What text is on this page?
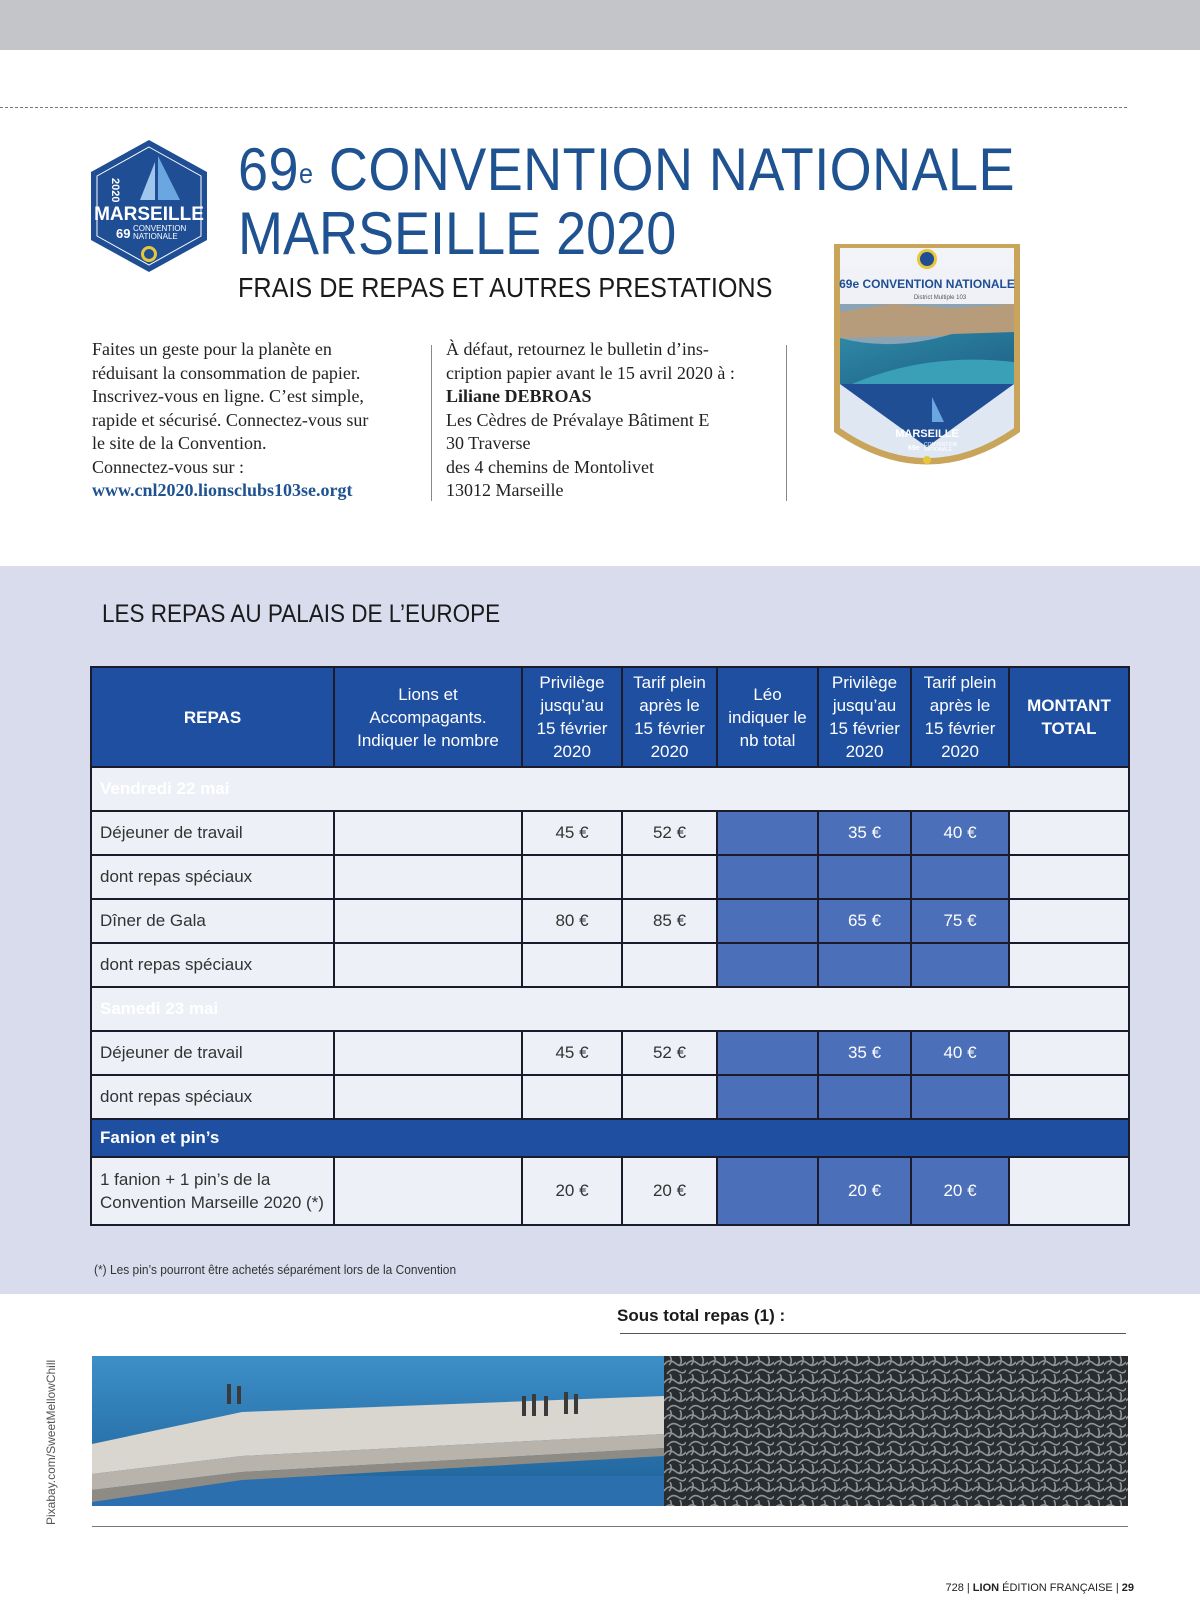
2020
MARSEILLE
69 CONVENTION
NATIONALE
69e CONVENTION NATIONALE
MARSEILLE 2020
FRAIS DE REPAS ET AUTRES PRESTATIONS
Faites un geste pour la planète en
réduisant la consommation de papier.
Inscrivez-vous en ligne. C’est simple,
rapide et sécurisé. Connectez-vous sur
le site de la Convention.
Connectez-vous sur :
www.cnl2020.lionsclubs103se.orgt
À défaut, retournez le bulletin d’ins-
cription papier avant le 15 avril 2020 à :
Liliane DEBROAS
Les Cèdres de Prévalaye Bâtiment E
30 Traverse
des 4 chemins de Montolivet
13012 Marseille
69e CONVENTION NATIONALE
District Multiple 103
MARSEILLE
69e CONVENTION
NATIONALE
LES REPAS AU PALAIS DE L’EUROPE
REPAS	Lions et
Accompagants.
Indiquer le nombre	Privilège
jusqu’au
15 février
2020	Tarif plein
après le
15 février
2020	Léo
indiquer le
nb total	Privilège
jusqu’au
15 février
2020	Tarif plein
après le
15 février
2020	MONTANT
TOTAL
Vendredi 22 mai							
Déjeuner de travail		45 €	52 €		35 €	40 €	
dont repas spéciaux							
Dîner de Gala		80 €	85 €		65 €	75 €	
dont repas spéciaux							
Samedi 23 mai							
Déjeuner de travail		45 €	52 €		35 €	40 €	
dont repas spéciaux							
Fanion et pin’s							
1 fanion + 1 pin’s de la
Convention Marseille 2020 (*)		20 €	20 €		20 €	20 €	
(*) Les pin’s pourront être achetés séparément lors de la Convention
Sous total repas (1) :
Pixabay.com/SweetMellowChill
728 | LION ÉDITION FRANÇAISE | 29
